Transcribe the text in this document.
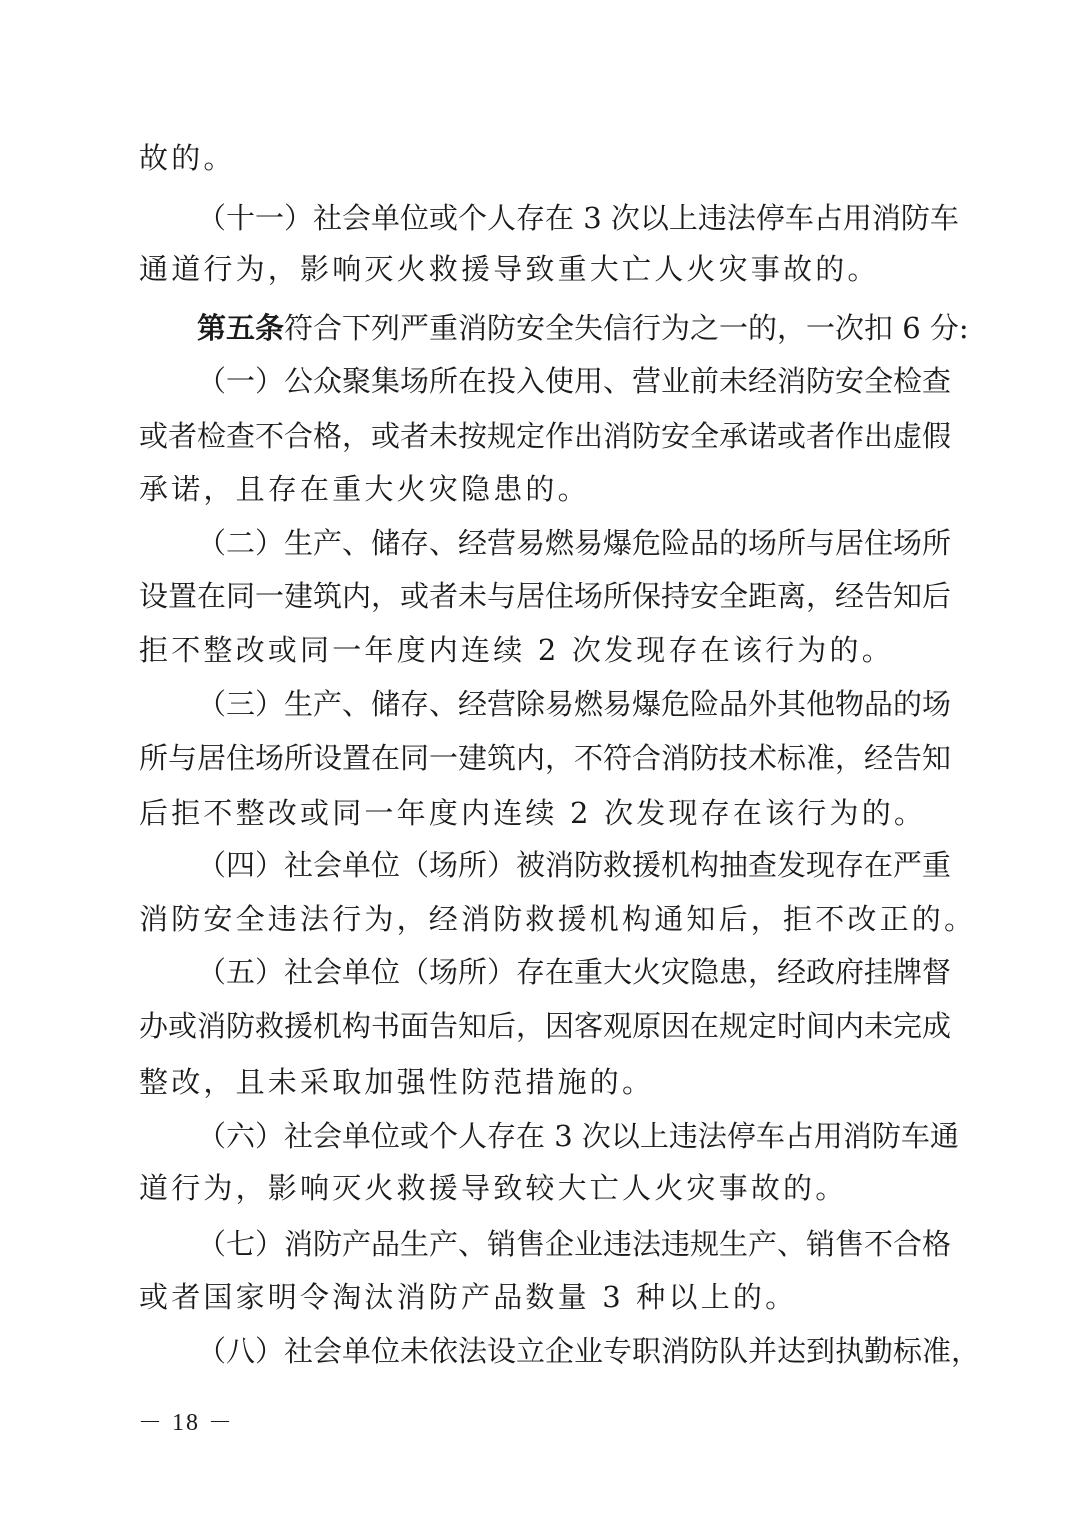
故的。
（十一）社会单位或个人存在 3 次以上违法停车占用消防车
通道行为，影响灭火救援导致重大亡人火灾事故的。
第五条符合下列严重消防安全失信行为之一的，一次扣 6 分:
（一）公众聚集场所在投入使用、营业前未经消防安全检查
或者检查不合格，或者未按规定作出消防安全承诺或者作出虚假
承诺，且存在重大火灾隐患的。
（二）生产、储存、经营易燃易爆危险品的场所与居住场所
设置在同一建筑内，或者未与居住场所保持安全距离，经告知后
拒不整改或同一年度内连续 2 次发现存在该行为的。
（三）生产、储存、经营除易燃易爆危险品外其他物品的场
所与居住场所设置在同一建筑内，不符合消防技术标准，经告知
后拒不整改或同一年度内连续 2 次发现存在该行为的。
（四）社会单位（场所）被消防救援机构抽查发现存在严重
消防安全违法行为，经消防救援机构通知后，拒不改正的。
（五）社会单位（场所）存在重大火灾隐患，经政府挂牌督
办或消防救援机构书面告知后，因客观原因在规定时间内未完成
整改，且未采取加强性防范措施的。
（六）社会单位或个人存在 3 次以上违法停车占用消防车通
道行为，影响灭火救援导致较大亡人火灾事故的。
（七）消防产品生产、销售企业违法违规生产、销售不合格
或者国家明令淘汰消防产品数量 3 种以上的。
（八）社会单位未依法设立企业专职消防队并达到执勤标准，
－ 18 －
